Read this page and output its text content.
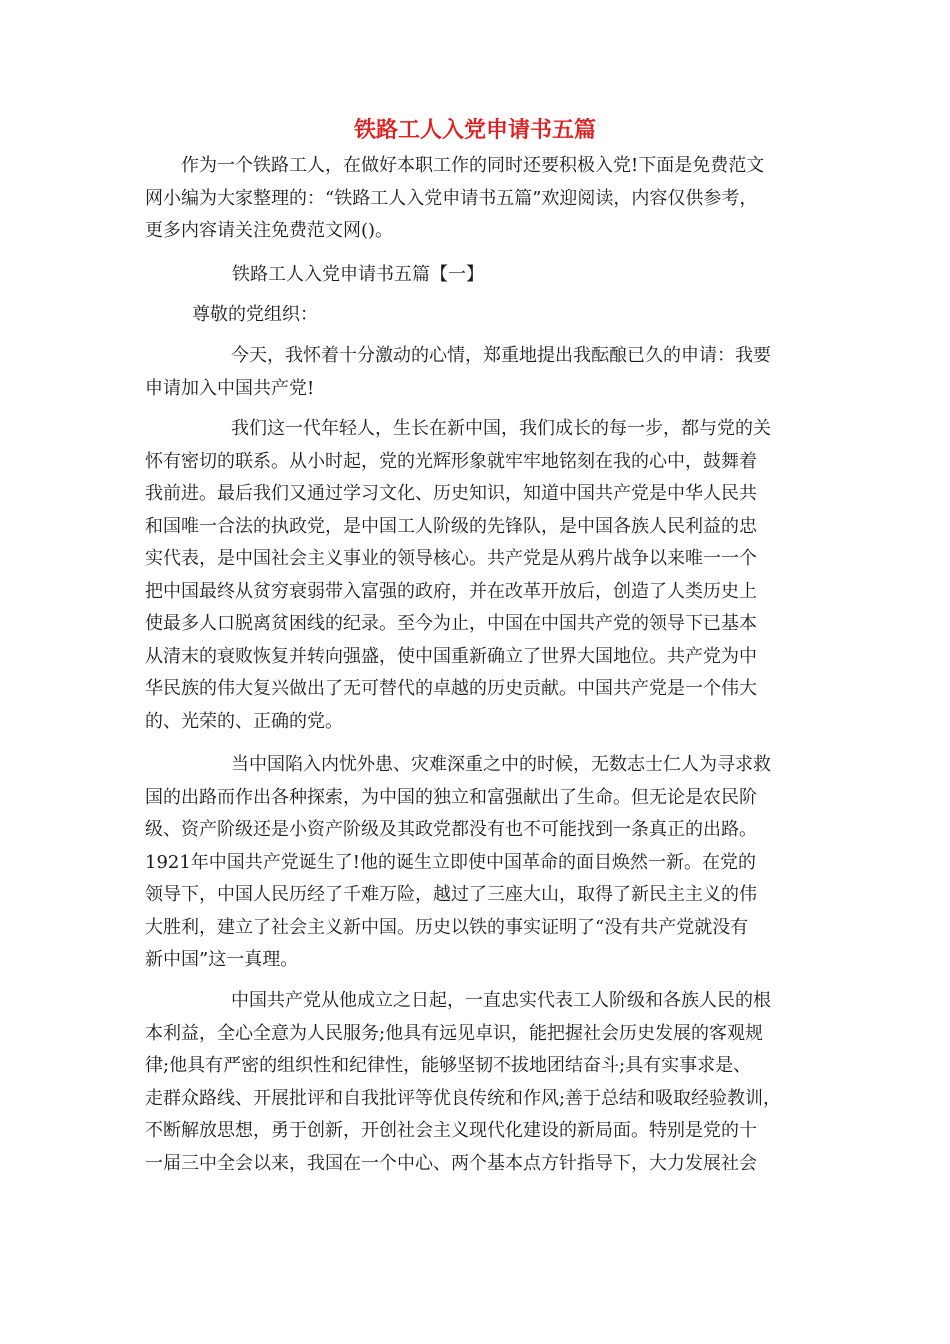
铁路工人入党申请书五篇

作为一个铁路工人，在做好本职工作的同时还要积极入党!下面是免费范文
网小编为大家整理的：“铁路工人入党申请书五篇”欢迎阅读，内容仅供参考，
更多内容请关注免费范文网()。

铁路工人入党申请书五篇【一】

尊敬的党组织：

今天，我怀着十分激动的心情，郑重地提出我酝酿已久的申请：我要
申请加入中国共产党!

我们这一代年轻人，生长在新中国，我们成长的每一步，都与党的关
怀有密切的联系。从小时起，党的光辉形象就牢牢地铭刻在我的心中，鼓舞着
我前进。最后我们又通过学习文化、历史知识，知道中国共产党是中华人民共
和国唯一合法的执政党，是中国工人阶级的先锋队，是中国各族人民利益的忠
实代表，是中国社会主义事业的领导核心。共产党是从鸦片战争以来唯一一个
把中国最终从贫穷衰弱带入富强的政府，并在改革开放后，创造了人类历史上
使最多人口脱离贫困线的纪录。至今为止，中国在中国共产党的领导下已基本
从清末的衰败恢复并转向强盛，使中国重新确立了世界大国地位。共产党为中
华民族的伟大复兴做出了无可替代的卓越的历史贡献。中国共产党是一个伟大
的、光荣的、正确的党。

当中国陷入内忧外患、灾难深重之中的时候，无数志士仁人为寻求救
国的出路而作出各种探索，为中国的独立和富强献出了生命。但无论是农民阶
级、资产阶级还是小资产阶级及其政党都没有也不可能找到一条真正的出路。
1921年中国共产党诞生了!他的诞生立即使中国革命的面目焕然一新。在党的
领导下，中国人民历经了千难万险，越过了三座大山，取得了新民主主义的伟
大胜利，建立了社会主义新中国。历史以铁的事实证明了“没有共产党就没有
新中国”这一真理。

中国共产党从他成立之日起，一直忠实代表工人阶级和各族人民的根
本利益，全心全意为人民服务;他具有远见卓识，能把握社会历史发展的客观规
律;他具有严密的组织性和纪律性，能够坚韧不拔地团结奋斗;具有实事求是、
走群众路线、开展批评和自我批评等优良传统和作风;善于总结和吸取经验教训，
不断解放思想，勇于创新，开创社会主义现代化建设的新局面。特别是党的十
一届三中全会以来，我国在一个中心、两个基本点方针指导下，大力发展社会
